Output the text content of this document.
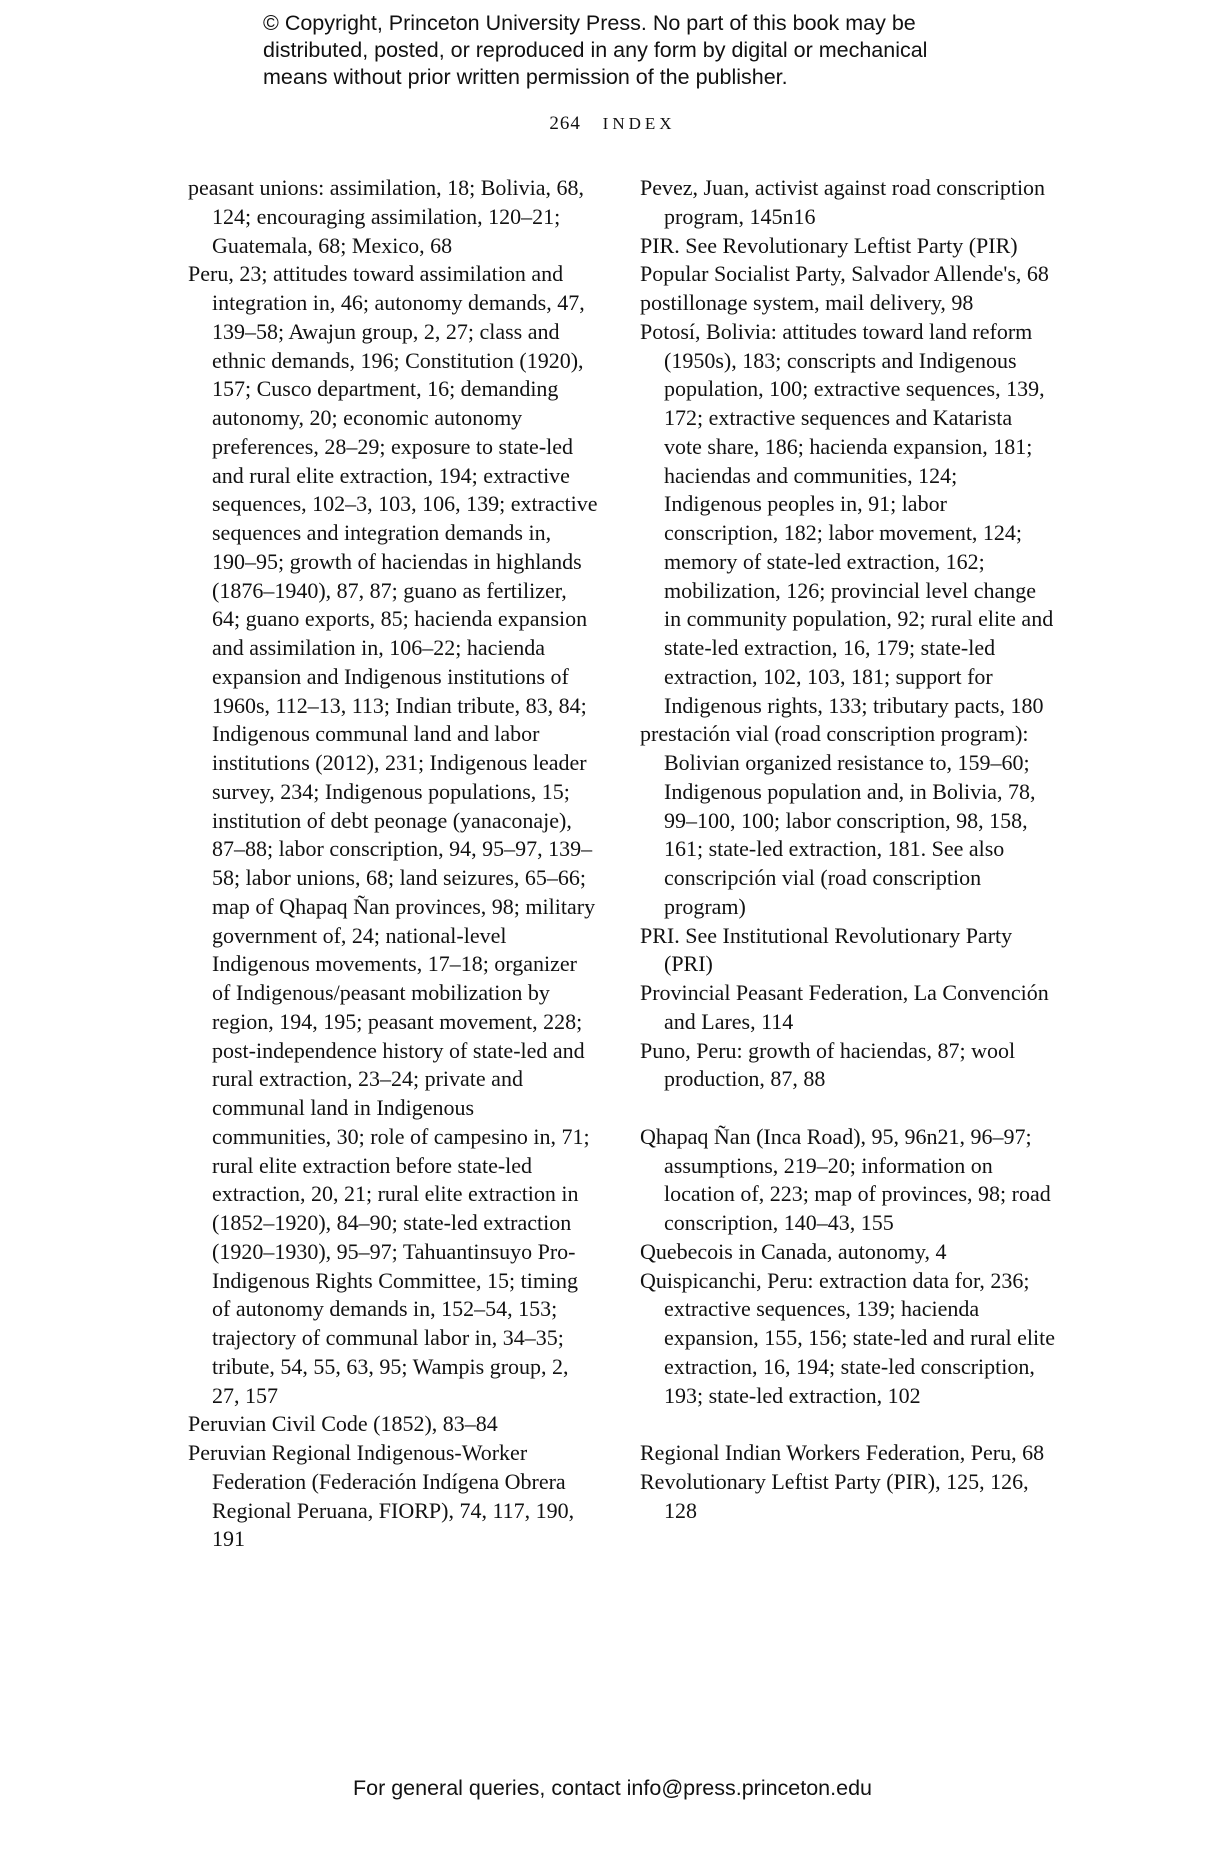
© Copyright, Princeton University Press. No part of this book may be
distributed, posted, or reproduced in any form by digital or mechanical
means without prior written permission of the publisher.
264 INDEX

peasant unions: assimilation, 18; Bolivia, 68, 124; encouraging assimilation, 120–21; Guatemala, 68; Mexico, 68

Peru, 23; attitudes toward assimilation and integration in, 46; autonomy demands, 47, 139–58; Awajun group, 2, 27; class and ethnic demands, 196; Constitution (1920), 157; Cusco department, 16; demanding autonomy, 20; economic autonomy preferences, 28–29; exposure to state-led and rural elite extraction, 194; extractive sequences, 102–3, 103, 106, 139; extractive sequences and integration demands in, 190–95; growth of haciendas in highlands (1876–1940), 87, 87; guano as fertilizer, 64; guano exports, 85; hacienda expansion and assimilation in, 106–22; hacienda expansion and Indigenous institutions of 1960s, 112–13, 113; Indian tribute, 83, 84; Indigenous communal land and labor institutions (2012), 231; Indigenous leader survey, 234; Indigenous populations, 15; institution of debt peonage (yanaconaje), 87–88; labor conscription, 94, 95–97, 139–58; labor unions, 68; land seizures, 65–66; map of Qhapaq Ñan provinces, 98; military government of, 24; national-level Indigenous movements, 17–18; organizer of Indigenous/peasant mobilization by region, 194, 195; peasant movement, 228; post-independence history of state-led and rural extraction, 23–24; private and communal land in Indigenous communities, 30; role of campesino in, 71; rural elite extraction before state-led extraction, 20, 21; rural elite extraction in (1852–1920), 84–90; state-led extraction (1920–1930), 95–97; Tahuantinsuyo Pro-Indigenous Rights Committee, 15; timing of autonomy demands in, 152–54, 153; trajectory of communal labor in, 34–35; tribute, 54, 55, 63, 95; Wampis group, 2, 27, 157

Peruvian Civil Code (1852), 83–84

Peruvian Regional Indigenous-Worker Federation (Federación Indígena Obrera Regional Peruana, FIORP), 74, 117, 190, 191

Pevez, Juan, activist against road conscription program, 145n16

PIR. See Revolutionary Leftist Party (PIR)

Popular Socialist Party, Salvador Allende's, 68

postillonage system, mail delivery, 98

Potosí, Bolivia: attitudes toward land reform (1950s), 183; conscripts and Indigenous population, 100; extractive sequences, 139, 172; extractive sequences and Katarista vote share, 186; hacienda expansion, 181; haciendas and communities, 124; Indigenous peoples in, 91; labor conscription, 182; labor movement, 124; memory of state-led extraction, 162; mobilization, 126; provincial level change in community population, 92; rural elite and state-led extraction, 16, 179; state-led extraction, 102, 103, 181; support for Indigenous rights, 133; tributary pacts, 180

prestación vial (road conscription program): Bolivian organized resistance to, 159–60; Indigenous population and, in Bolivia, 78, 99–100, 100; labor conscription, 98, 158, 161; state-led extraction, 181. See also conscripción vial (road conscription program)

PRI. See Institutional Revolutionary Party (PRI)

Provincial Peasant Federation, La Convención and Lares, 114

Puno, Peru: growth of haciendas, 87; wool production, 87, 88

Qhapaq Ñan (Inca Road), 95, 96n21, 96–97; assumptions, 219–20; information on location of, 223; map of provinces, 98; road conscription, 140–43, 155

Quebecois in Canada, autonomy, 4

Quispicanchi, Peru: extraction data for, 236; extractive sequences, 139; hacienda expansion, 155, 156; state-led and rural elite extraction, 16, 194; state-led conscription, 193; state-led extraction, 102

Regional Indian Workers Federation, Peru, 68

Revolutionary Leftist Party (PIR), 125, 126, 128

For general queries, contact info@press.princeton.edu
